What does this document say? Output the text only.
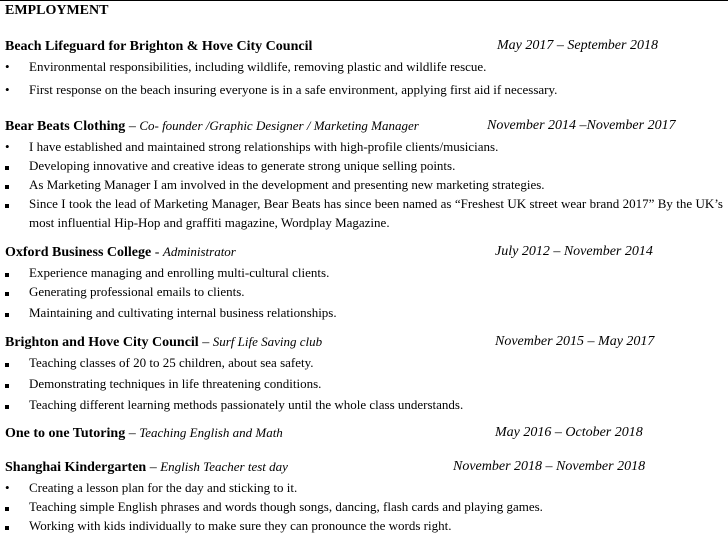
EMPLOYMENT
Beach Lifeguard for Brighton & Hove City Council	May 2017 – September 2018
•	Environmental responsibilities, including wildlife, removing plastic and wildlife rescue.
•	First response on the beach insuring everyone is in a safe environment, applying first aid if necessary.
Bear Beats Clothing – Co- founder /Graphic Designer / Marketing Manager	November 2014 –November 2017
•	I have established and maintained strong relationships with high-profile clients/musicians.
Developing innovative and creative ideas to generate strong unique selling points.
As Marketing Manager I am involved in the development and presenting new marketing strategies.
Since I took the lead of Marketing Manager, Bear Beats has since been named as “Freshest UK street wear brand 2017” By the UK’s most influential Hip-Hop and graffiti magazine, Wordplay Magazine.
Oxford Business College - Administrator	July 2012 – November 2014
Experience managing and enrolling multi-cultural clients.
Generating professional emails to clients.
Maintaining and cultivating internal business relationships.
Brighton and Hove City Council – Surf Life Saving club	November 2015 – May 2017
Teaching classes of 20 to 25 children, about sea safety.
Demonstrating techniques in life threatening conditions.
Teaching different learning methods passionately until the whole class understands.
One to one Tutoring – Teaching English and Math	May 2016 – October 2018
Shanghai Kindergarten – English Teacher test day	November 2018 – November 2018
•	Creating a lesson plan for the day and sticking to it.
Teaching simple English phrases and words though songs, dancing, flash cards and playing games.
Working with kids individually to make sure they can pronounce the words right.
